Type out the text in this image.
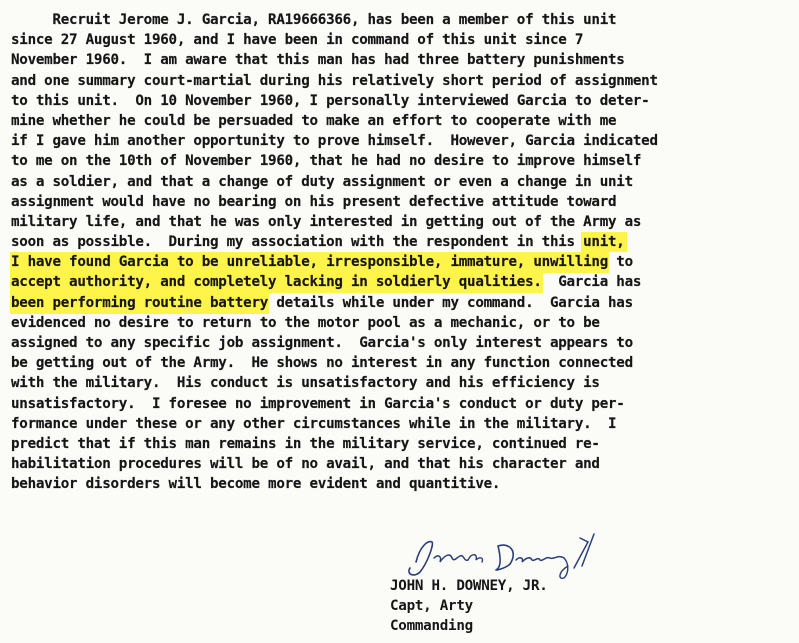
Recruit Jerome J. Garcia, RA19666366, has been a member of this unit
since 27 August 1960, and I have been in command of this unit since 7
November 1960.  I am aware that this man has had three battery punishments
and one summary court-martial during his relatively short period of assignment
to this unit.  On 10 November 1960, I personally interviewed Garcia to deter-
mine whether he could be persuaded to make an effort to cooperate with me
if I gave him another opportunity to prove himself.  However, Garcia indicated
to me on the 10th of November 1960, that he had no desire to improve himself
as a soldier, and that a change of duty assignment or even a change in unit
assignment would have no bearing on his present defective attitude toward
military life, and that he was only interested in getting out of the Army as
soon as possible.  During my association with the respondent in this unit,
I have found Garcia to be unreliable, irresponsible, immature, unwilling to
accept authority, and completely lacking in soldierly qualities.  Garcia has
been performing routine battery details while under my command.  Garcia has
evidenced no desire to return to the motor pool as a mechanic, or to be
assigned to any specific job assignment.  Garcia's only interest appears to
be getting out of the Army.  He shows no interest in any function connected
with the military.  His conduct is unsatisfactory and his efficiency is
unsatisfactory.  I foresee no improvement in Garcia's conduct or duty per-
formance under these or any other circumstances while in the military.  I
predict that if this man remains in the military service, continued re-
habilitation procedures will be of no avail, and that his character and
behavior disorders will become more evident and quantitive.
JOHN H. DOWNEY, JR.
Capt, Arty
Commanding
